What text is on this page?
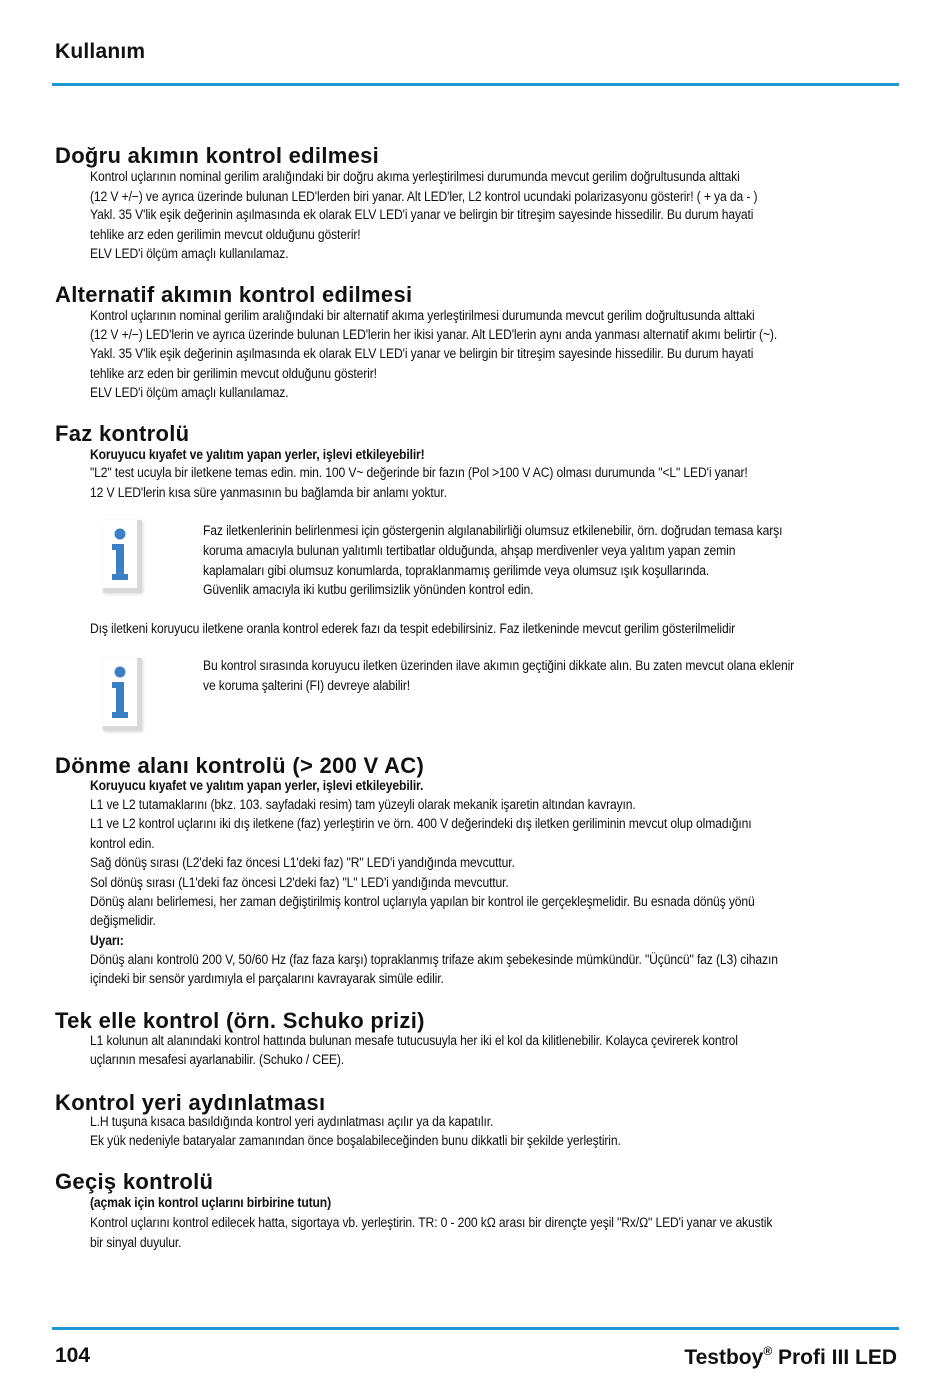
Kullanım
Doğru akımın kontrol edilmesi

Kontrol uçlarının nominal gerilim aralığındaki bir doğru akıma yerleştirilmesi durumunda mevcut gerilim doğrultusunda alttaki

(12 V +/−) ve ayrıca üzerinde bulunan LED'lerden biri yanar. Alt LED'ler, L2 kontrol ucundaki polarizasyonu gösterir! ( + ya da - )

Yakl. 35 V'lik eşik değerinin aşılmasında ek olarak ELV LED'i yanar ve belirgin bir titreşim sayesinde hissedilir. Bu durum hayati

tehlike arz eden gerilimin mevcut olduğunu gösterir!

ELV LED'i ölçüm amaçlı kullanılamaz.

Alternatif akımın kontrol edilmesi

Kontrol uçlarının nominal gerilim aralığındaki bir alternatif akıma yerleştirilmesi durumunda mevcut gerilim doğrultusunda alttaki

(12 V +/−) LED'lerin ve ayrıca üzerinde bulunan LED'lerin her ikisi yanar. Alt LED'lerin aynı anda yanması alternatif akımı belirtir (~).

Yakl. 35 V'lik eşik değerinin aşılmasında ek olarak ELV LED'i yanar ve belirgin bir titreşim sayesinde hissedilir. Bu durum hayati

tehlike arz eden bir gerilimin mevcut olduğunu gösterir!

ELV LED'i ölçüm amaçlı kullanılamaz.

Faz kontrolü

Koruyucu kıyafet ve yalıtım yapan yerler, işlevi etkileyebilir!

"L2" test ucuyla bir iletkene temas edin. min. 100 V~ değerinde bir fazın (Pol >100 V AC) olması durumunda "<L" LED'i yanar!

12 V LED'lerin kısa süre yanmasının bu bağlamda bir anlamı yoktur.

Faz iletkenlerinin belirlenmesi için göstergenin algılanabilirliği olumsuz etkilenebilir, örn. doğrudan temasa karşı

koruma amacıyla bulunan yalıtımlı tertibatlar olduğunda, ahşap merdivenler veya yalıtım yapan zemin

kaplamaları gibi olumsuz konumlarda, topraklanmamış gerilimde veya olumsuz ışık koşullarında.

Güvenlik amacıyla iki kutbu gerilimsizlik yönünden kontrol edin.

Dış iletkeni koruyucu iletkene oranla kontrol ederek fazı da tespit edebilirsiniz. Faz iletkeninde mevcut gerilim gösterilmelidir

Bu kontrol sırasında koruyucu iletken üzerinden ilave akımın geçtiğini dikkate alın. Bu zaten mevcut olana eklenir

ve koruma şalterini (FI) devreye alabilir!

Dönme alanı kontrolü (> 200 V AC)

Koruyucu kıyafet ve yalıtım yapan yerler, işlevi etkileyebilir.

L1 ve L2 tutamaklarını (bkz. 103. sayfadaki resim) tam yüzeyli olarak mekanik işaretin altından kavrayın.

L1 ve L2 kontrol uçlarını iki dış iletkene (faz) yerleştirin ve örn. 400 V değerindeki dış iletken geriliminin mevcut olup olmadığını

kontrol edin.

Sağ dönüş sırası (L2'deki faz öncesi L1'deki faz) "R" LED'i yandığında mevcuttur.

Sol dönüş sırası (L1'deki faz öncesi L2'deki faz) "L" LED'i yandığında mevcuttur.

Dönüş alanı belirlemesi, her zaman değiştirilmiş kontrol uçlarıyla yapılan bir kontrol ile gerçekleşmelidir. Bu esnada dönüş yönü

değişmelidir.

Uyarı:

Dönüş alanı kontrolü 200 V, 50/60 Hz (faz faza karşı) topraklanmış trifaze akım şebekesinde mümkündür. "Üçüncü" faz (L3) cihazın

içindeki bir sensör yardımıyla el parçalarını kavrayarak simüle edilir.

Tek elle kontrol (örn. Schuko prizi)

L1 kolunun alt alanındaki kontrol hattında bulunan mesafe tutucusuyla her iki el kol da kilitlenebilir. Kolayca çevirerek kontrol

uçlarının mesafesi ayarlanabilir. (Schuko / CEE).

Kontrol yeri aydınlatması

L.H tuşuna kısaca basıldığında kontrol yeri aydınlatması açılır ya da kapatılır.

Ek yük nedeniyle bataryalar zamanından önce boşalabileceğinden bunu dikkatli bir şekilde yerleştirin.

Geçiş kontrolü

(açmak için kontrol uçlarını birbirine tutun)

Kontrol uçlarını kontrol edilecek hatta, sigortaya vb. yerleştirin. TR: 0 - 200 kΩ arası bir dirençte yeşil "Rx/Ω" LED'i yanar ve akustik

bir sinyal duyulur.

104	Testboy® Profi III LED
